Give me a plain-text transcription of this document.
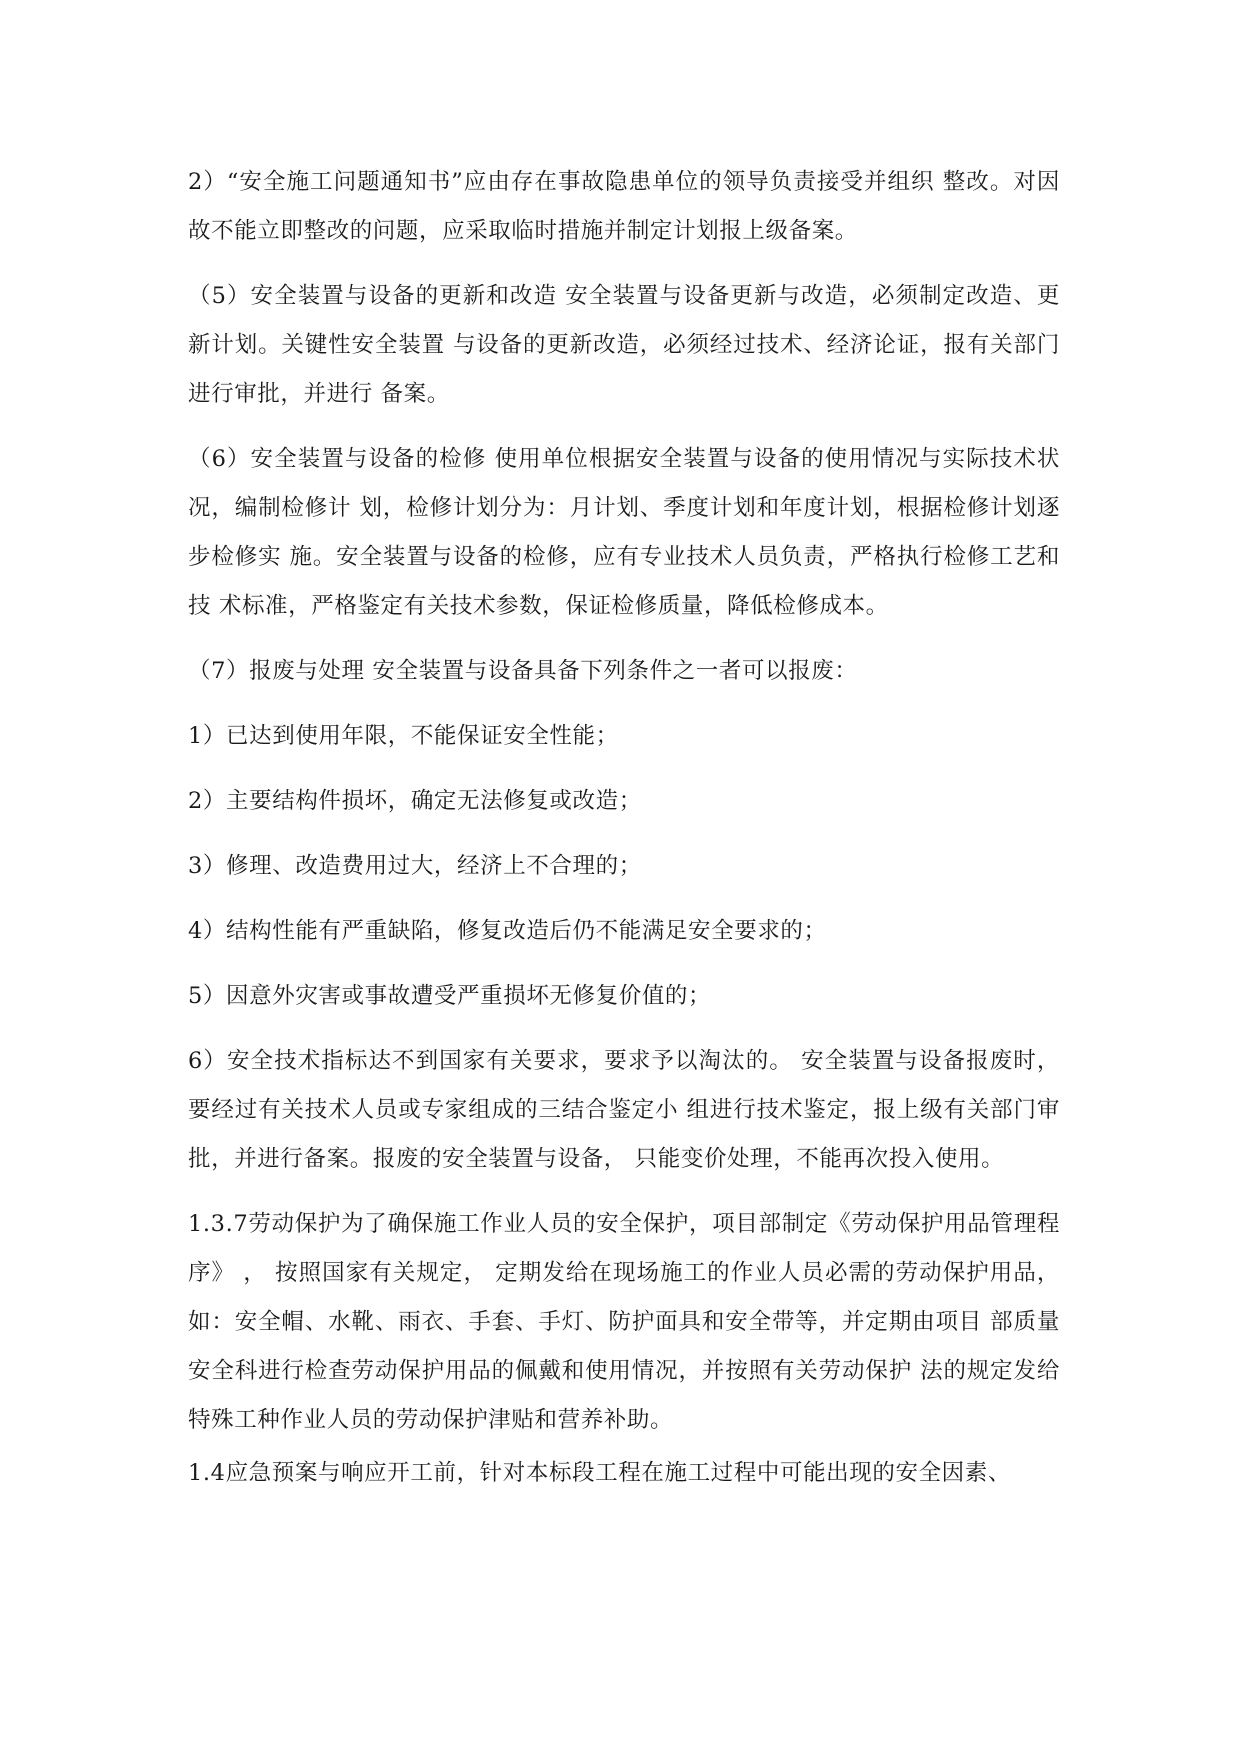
2）“安全施工问题通知书”应由存在事故隐患单位的领导负责接受并组织 整改。对因故不能立即整改的问题，应采取临时措施并制定计划报上级备案。

（5）安全装置与设备的更新和改造 安全装置与设备更新与改造，必须制定改造、更新计划。关键性安全装置 与设备的更新改造，必须经过技术、经济论证，报有关部门进行审批，并进行 备案。

（6）安全装置与设备的检修 使用单位根据安全装置与设备的使用情况与实际技术状况，编制检修计 划，检修计划分为：月计划、季度计划和年度计划，根据检修计划逐步检修实 施。安全装置与设备的检修，应有专业技术人员负责，严格执行检修工艺和技 术标准，严格鉴定有关技术参数，保证检修质量，降低检修成本。

（7）报废与处理 安全装置与设备具备下列条件之一者可以报废：

1）已达到使用年限，不能保证安全性能；

2）主要结构件损坏，确定无法修复或改造；

3）修理、改造费用过大，经济上不合理的；

4）结构性能有严重缺陷，修复改造后仍不能满足安全要求的；

5）因意外灾害或事故遭受严重损坏无修复价值的；

6）安全技术指标达不到国家有关要求，要求予以淘汰的。 安全装置与设备报废时，要经过有关技术人员或专家组成的三结合鉴定小 组进行技术鉴定，报上级有关部门审批，并进行备案。报废的安全装置与设备， 只能变价处理，不能再次投入使用。

1.3.7劳动保护为了确保施工作业人员的安全保护，项目部制定《劳动保护用品管理程 序》 ， 按照国家有关规定， 定期发给在现场施工的作业人员必需的劳动保护用品， 如：安全帽、水靴、雨衣、手套、手灯、防护面具和安全带等，并定期由项目 部质量安全科进行检查劳动保护用品的佩戴和使用情况，并按照有关劳动保护 法的规定发给特殊工种作业人员的劳动保护津贴和营养补助。

1.4应急预案与响应开工前，针对本标段工程在施工过程中可能出现的安全因素、
